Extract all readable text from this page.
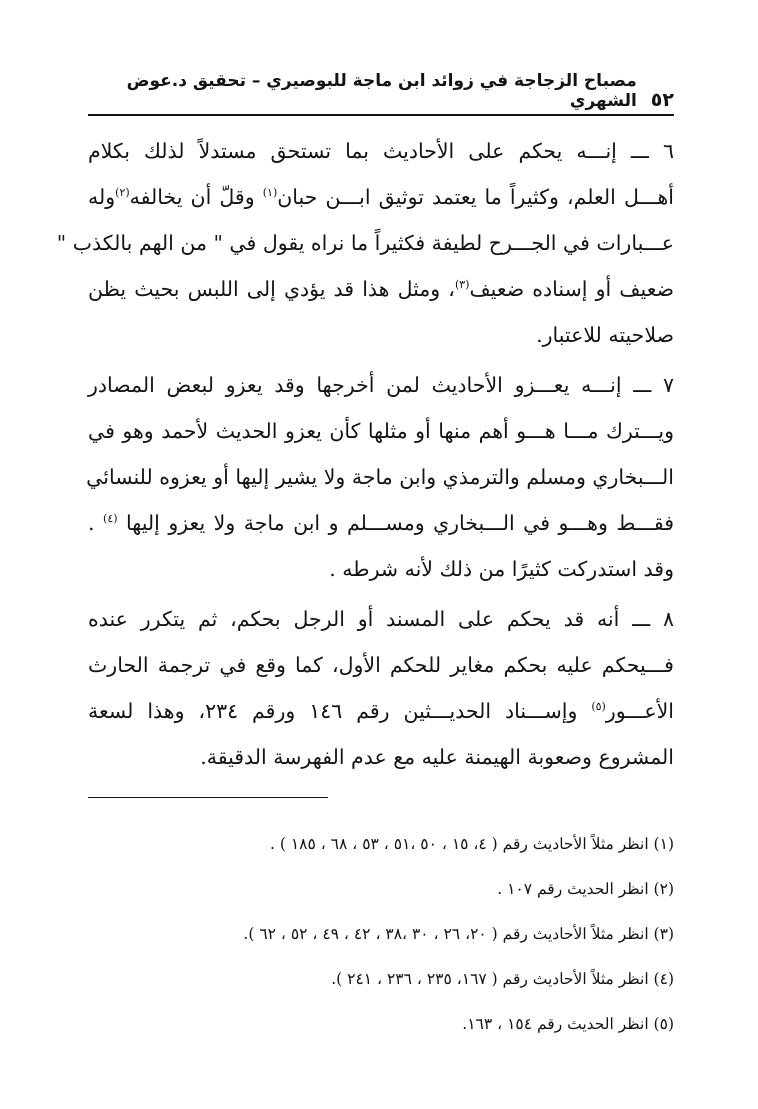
٥٢
مصباح الزجاجة في زوائد ابن ماجة للبوصيري – تحقيق د.عوض الشهري

٦ ـــ إنـــه يحكم على الأحاديث بما تستحق مستدلاً لذلك بكلام
أهـــل العلم، وكثيراً ما يعتمد توثيق ابـــن حبان$^{(١)}$ وقلّ أن يخالفه$^{(٢)}$وله
عـــبارات في الجـــرح لطيفة فكثيراً ما نراه يقول في " من الهم بالكذب "
ضعيف أو إسناده ضعيف$^{(٣)}$، ومثل هذا قد يؤدي إلى اللبس بحيث يظن
صلاحيته للاعتبار.

٧ ـــ إنـــه يعـــزو الأحاديث لمن أخرجها وقد يعزو لبعض المصادر
ويـــترك مـــا هـــو أهم منها أو مثلها كأن يعزو الحديث لأحمد وهو في
الـــبخاري ومسلم والترمذي وابن ماجة ولا يشير إليها أو يعزوه للنسائي
فقـــط وهـــو في الـــبخاري ومســـلم و ابن ماجة ولا يعزو إليها $^{(٤)}$ .
وقد استدركت كثيرًا من ذلك لأنه شرطه .

٨ ـــ أنه قد يحكم على المسند أو الرجل بحكم، ثم يتكرر عنده
فـــيحكم عليه بحكم مغاير للحكم الأول، كما وقع في ترجمة الحارث
الأعـــور$^{(٥)}$ وإســـناد الحديـــثين رقم ١٤٦ ورقم ٢٣٤، وهذا لسعة
المشروع وصعوبة الهيمنة عليه مع عدم الفهرسة الدقيقة.

(١) انظر مثلاً الأحاديث رقم ( ٤، ١٥ ، ٥٠ ،٥١ ، ٥٣ ، ٦٨ ، ١٨٥ ) .
(٢) انظر الحديث رقم ١٠٧ .
(٣) انظر مثلاً الأحاديث رقم ( ٢٠، ٢٦ ، ٣٠ ،٣٨ ، ٤٢ ، ٤٩ ، ٥٢ ، ٦٢ ).
(٤) انظر مثلاً الأحاديث رقم ( ١٦٧، ٢٣٥ ، ٢٣٦ ، ٢٤١ ).
(٥) انظر الحديث رقم ١٥٤ ، ١٦٣.
